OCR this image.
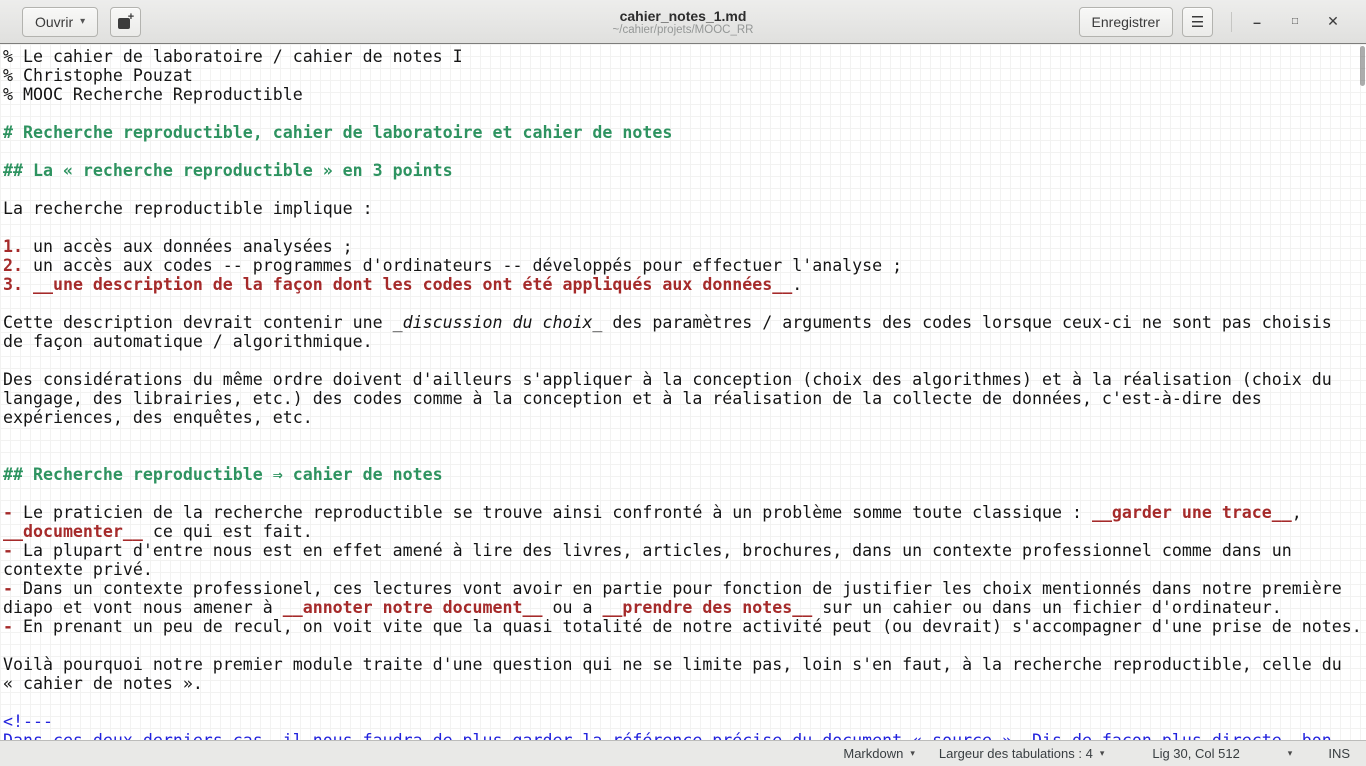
Ouvrir ▾	+	cahier_notes_1.md
~/cahier/projets/MOOC_RR	Enregistrer ☰	–	□	✕
% Le cahier de laboratoire / cahier de notes I
% Christophe Pouzat
% MOOC Recherche Reproductible

# Recherche reproductible, cahier de laboratoire et cahier de notes

## La « recherche reproductible » en 3 points

La recherche reproductible implique :

1. un accès aux données analysées ;
2. un accès aux codes -- programmes d'ordinateurs -- développés pour effectuer l'analyse ;
3. __une description de la façon dont les codes ont été appliqués aux données__.

Cette description devrait contenir une _discussion du choix_ des paramètres / arguments des codes lorsque ceux-ci ne sont pas choisis
de façon automatique / algorithmique.

Des considérations du même ordre doivent d'ailleurs s'appliquer à la conception (choix des algorithmes) et à la réalisation (choix du
langage, des librairies, etc.) des codes comme à la conception et à la réalisation de la collecte de données, c'est-à-dire des
expériences, des enquêtes, etc.

## Recherche reproductible ⇒ cahier de notes

- Le praticien de la recherche reproductible se trouve ainsi confronté à un problème somme toute classique : __garder une trace__,
__documenter__ ce qui est fait.
- La plupart d'entre nous est en effet amené à lire des livres, articles, brochures, dans un contexte professionnel comme dans un
contexte privé.
- Dans un contexte professionel, ces lectures vont avoir en partie pour fonction de justifier les choix mentionnés dans notre première
diapo et vont nous amener à __annoter notre document__ ou a __prendre des notes__ sur un cahier ou dans un fichier d'ordinateur.
- En prenant un peu de recul, on voit vite que la quasi totalité de notre activité peut (ou devrait) s'accompagner d'une prise de notes.

Voilà pourquoi notre premier module traite d'une question qui ne se limite pas, loin s'en faut, à la recherche reproductible, celle du
« cahier de notes ».

<!---
Markdown ▾ Largeur des tabulations : 4 ▾	Lig 30, Col 512	▾	INS
